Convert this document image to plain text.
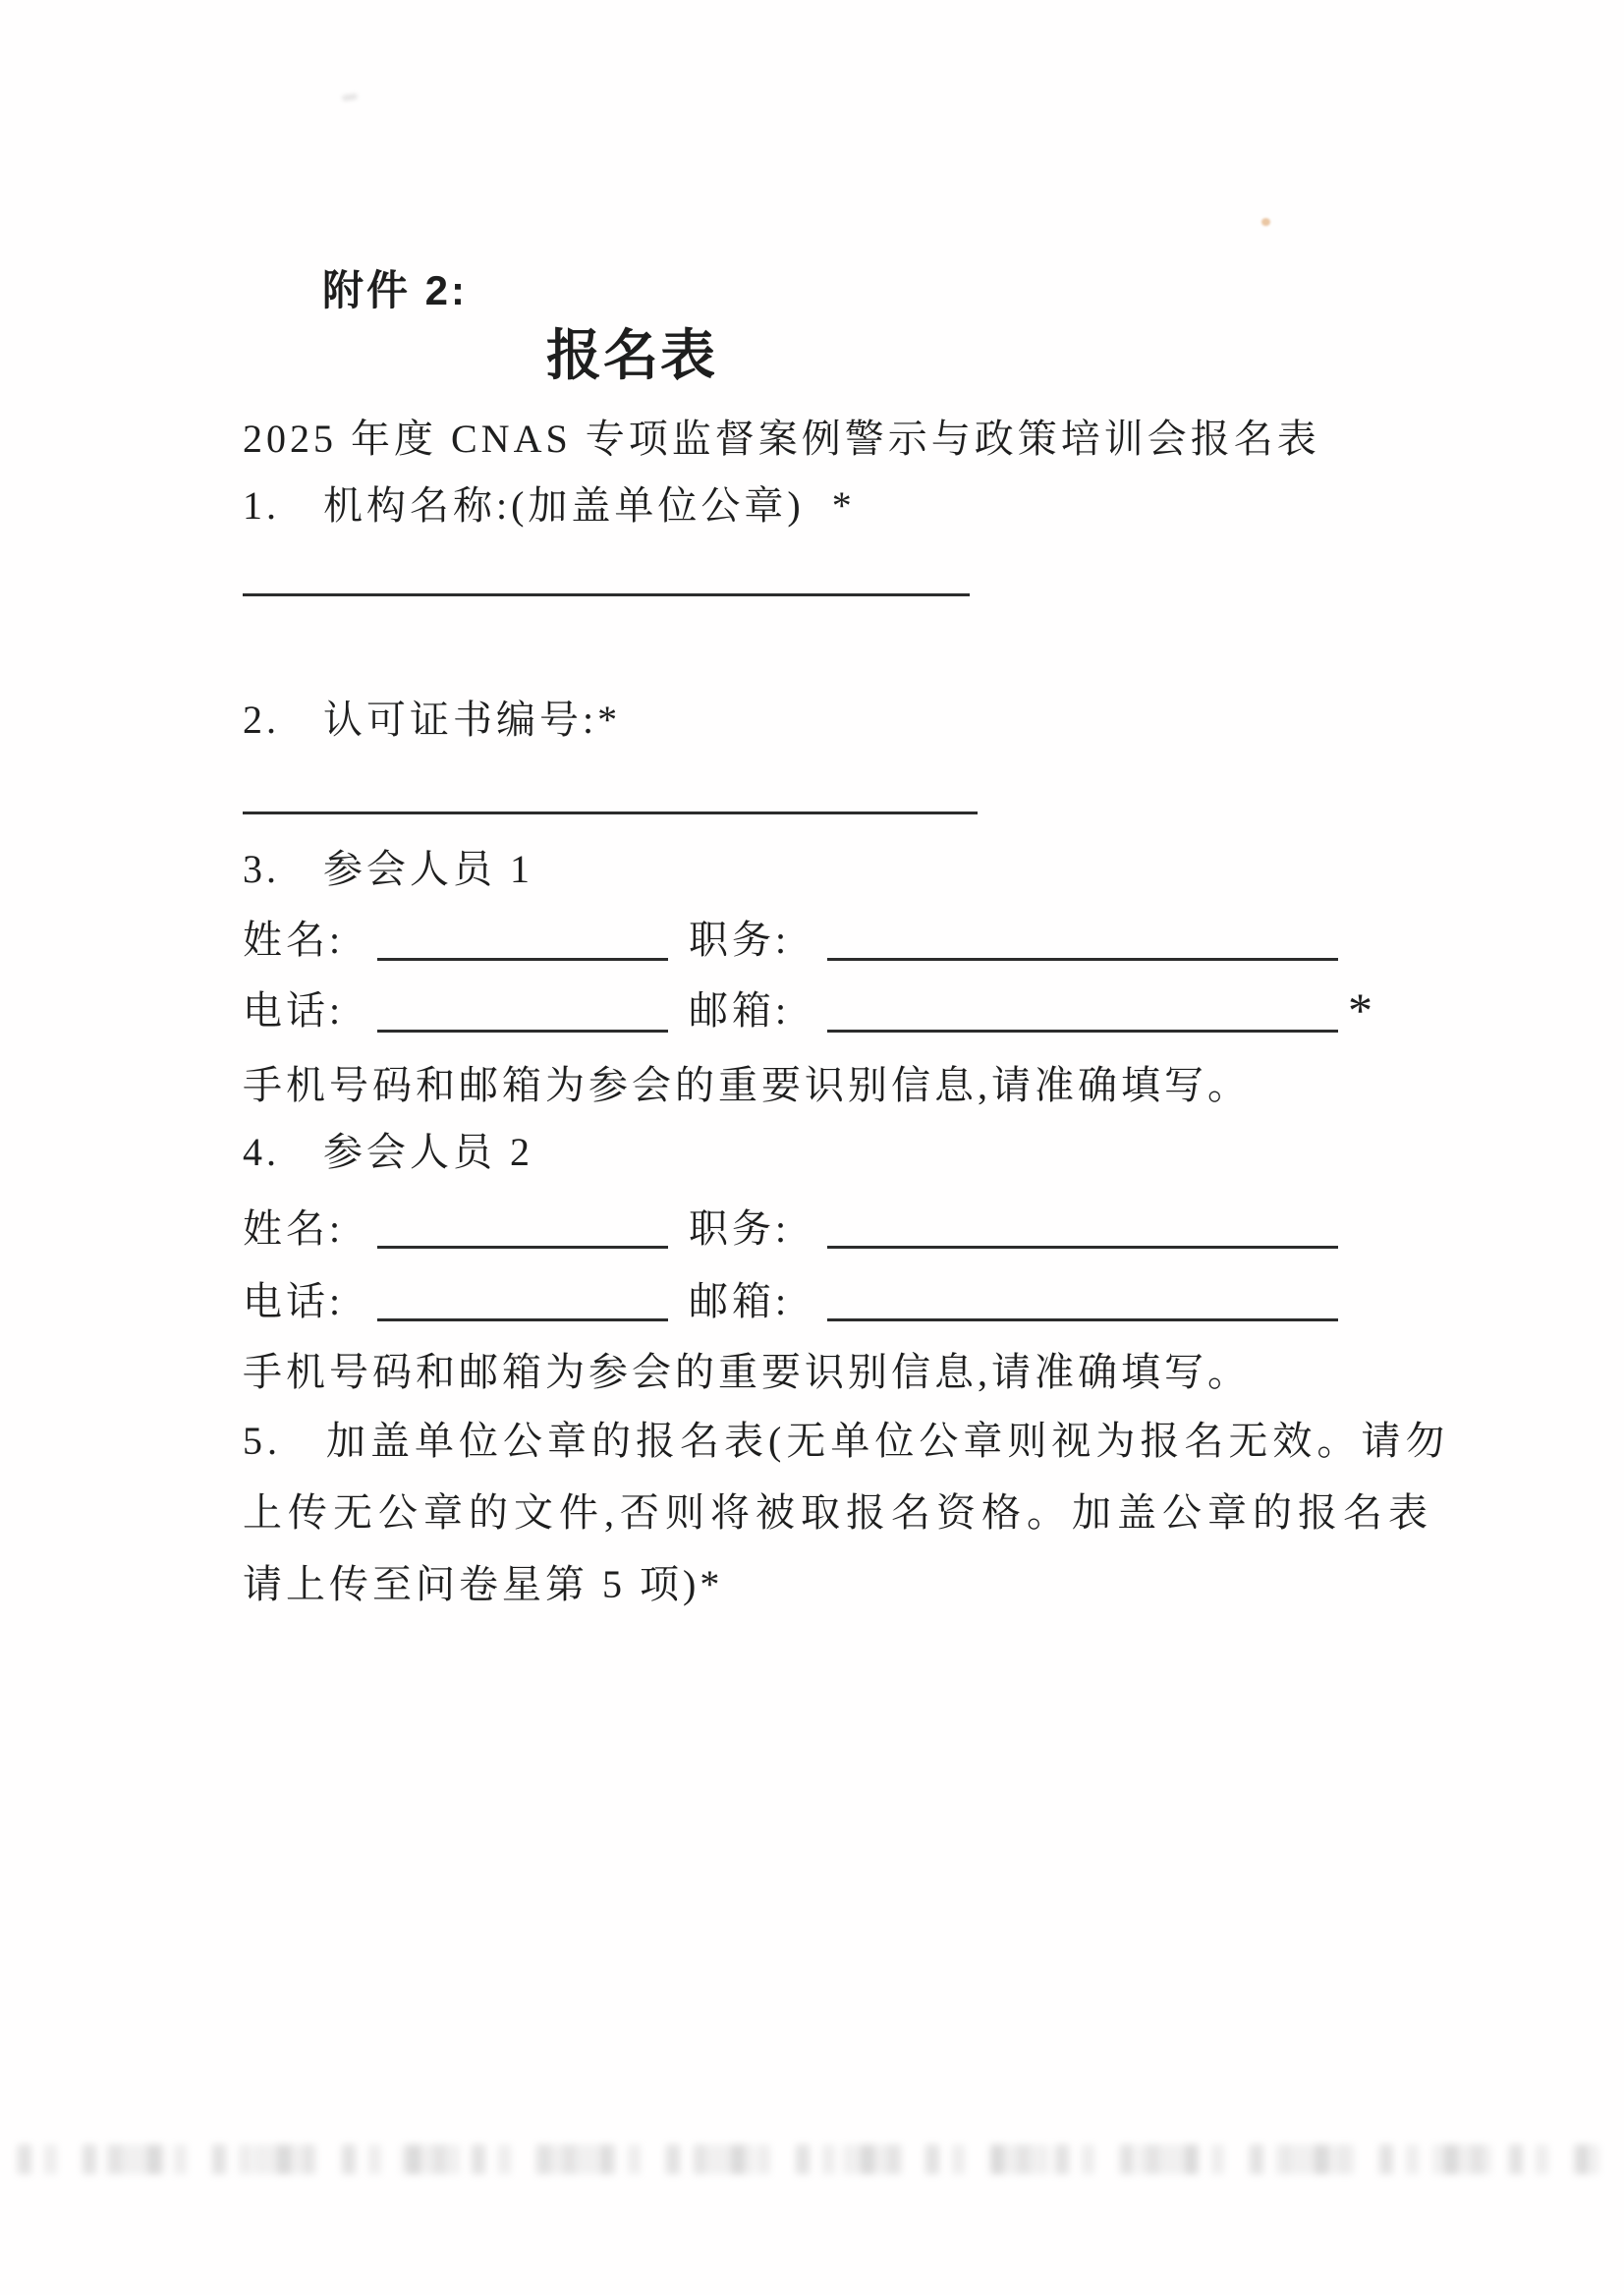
附件 2:
报名表
2025 年度 CNAS 专项监督案例警示与政策培训会报名表
1.　机构名称:(加盖单位公章)  *
2.　认可证书编号:*
3.　参会人员 1
姓名:	职务:
电话:	邮箱:	*
手机号码和邮箱为参会的重要识别信息,请准确填写。
4.　参会人员 2
姓名:	职务:
电话:	邮箱:
手机号码和邮箱为参会的重要识别信息,请准确填写。
5.　加盖单位公章的报名表(无单位公章则视为报名无效。请勿
上传无公章的文件,否则将被取报名资格。加盖公章的报名表
请上传至问卷星第 5 项)*
